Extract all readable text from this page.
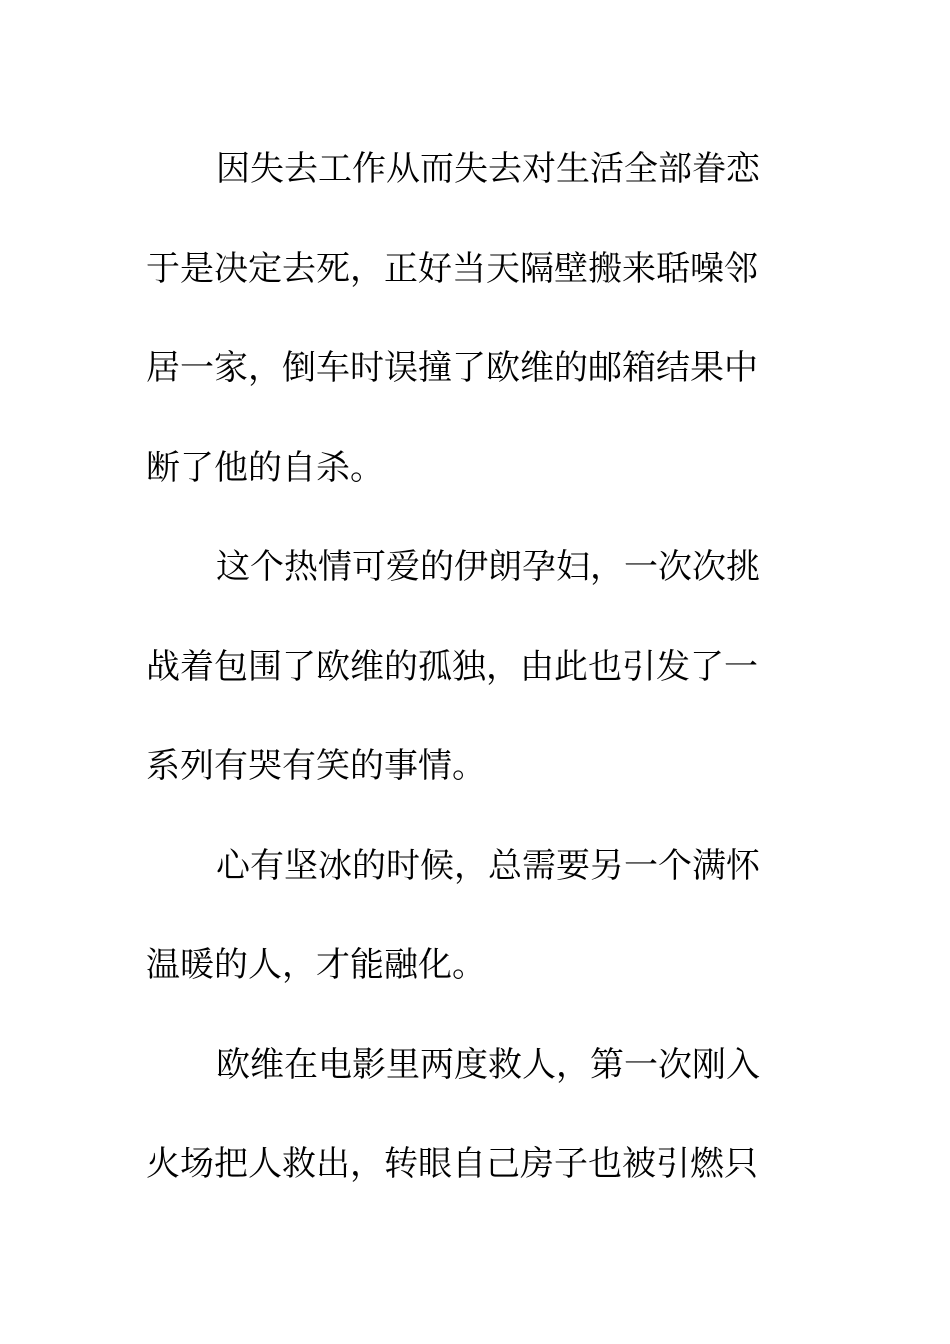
因失去工作从而失去对生活全部眷恋
于是决定去死，正好当天隔壁搬来聒噪邻
居一家，倒车时误撞了欧维的邮箱结果中
断了他的自杀。
这个热情可爱的伊朗孕妇，一次次挑
战着包围了欧维的孤独，由此也引发了一
系列有哭有笑的事情。
心有坚冰的时候，总需要另一个满怀
温暖的人，才能融化。
欧维在电影里两度救人，第一次刚入
火场把人救出，转眼自己房子也被引燃只
